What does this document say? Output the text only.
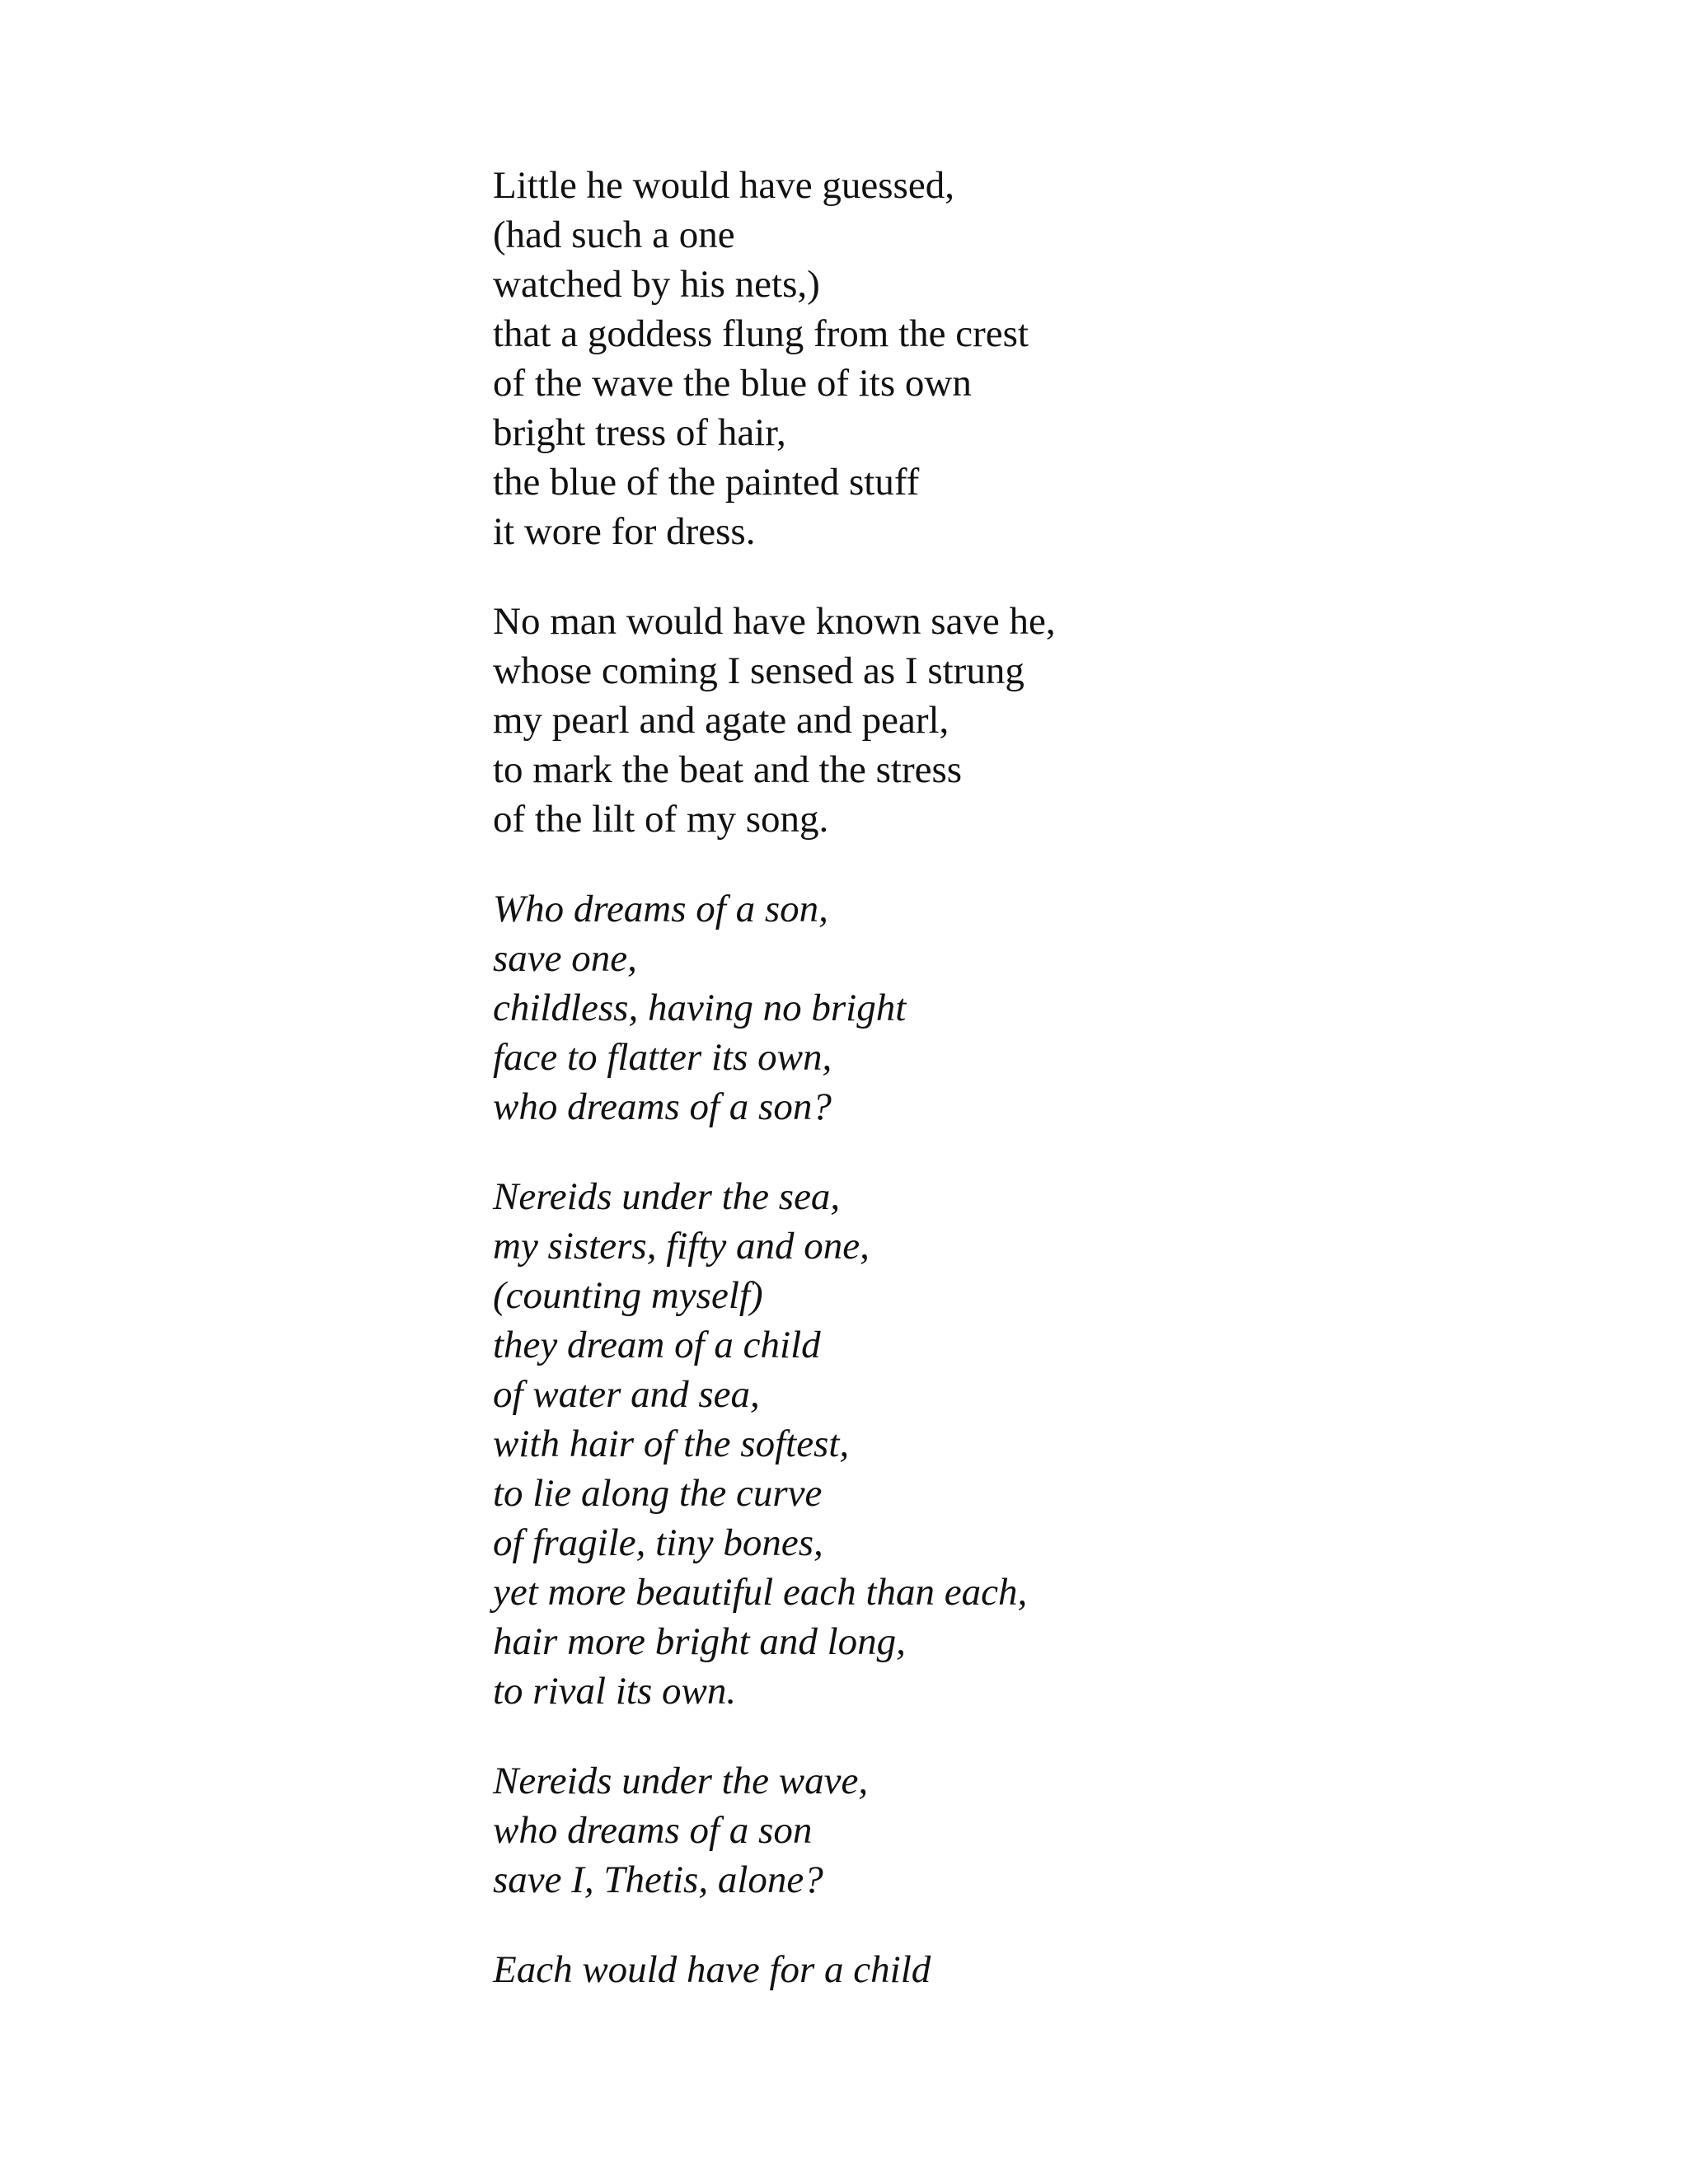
Little he would have guessed,
(had such a one
watched by his nets,)
that a goddess flung from the crest
of the wave the blue of its own
bright tress of hair,
the blue of the painted stuff
it wore for dress.
No man would have known save he,
whose coming I sensed as I strung
my pearl and agate and pearl,
to mark the beat and the stress
of the lilt of my song.
Who dreams of a son,
save one,
childless, having no bright
face to flatter its own,
who dreams of a son?
Nereids under the sea,
my sisters, fifty and one,
(counting myself)
they dream of a child
of water and sea,
with hair of the softest,
to lie along the curve
of fragile, tiny bones,
yet more beautiful each than each,
hair more bright and long,
to rival its own.
Nereids under the wave,
who dreams of a son
save I, Thetis, alone?
Each would have for a child
